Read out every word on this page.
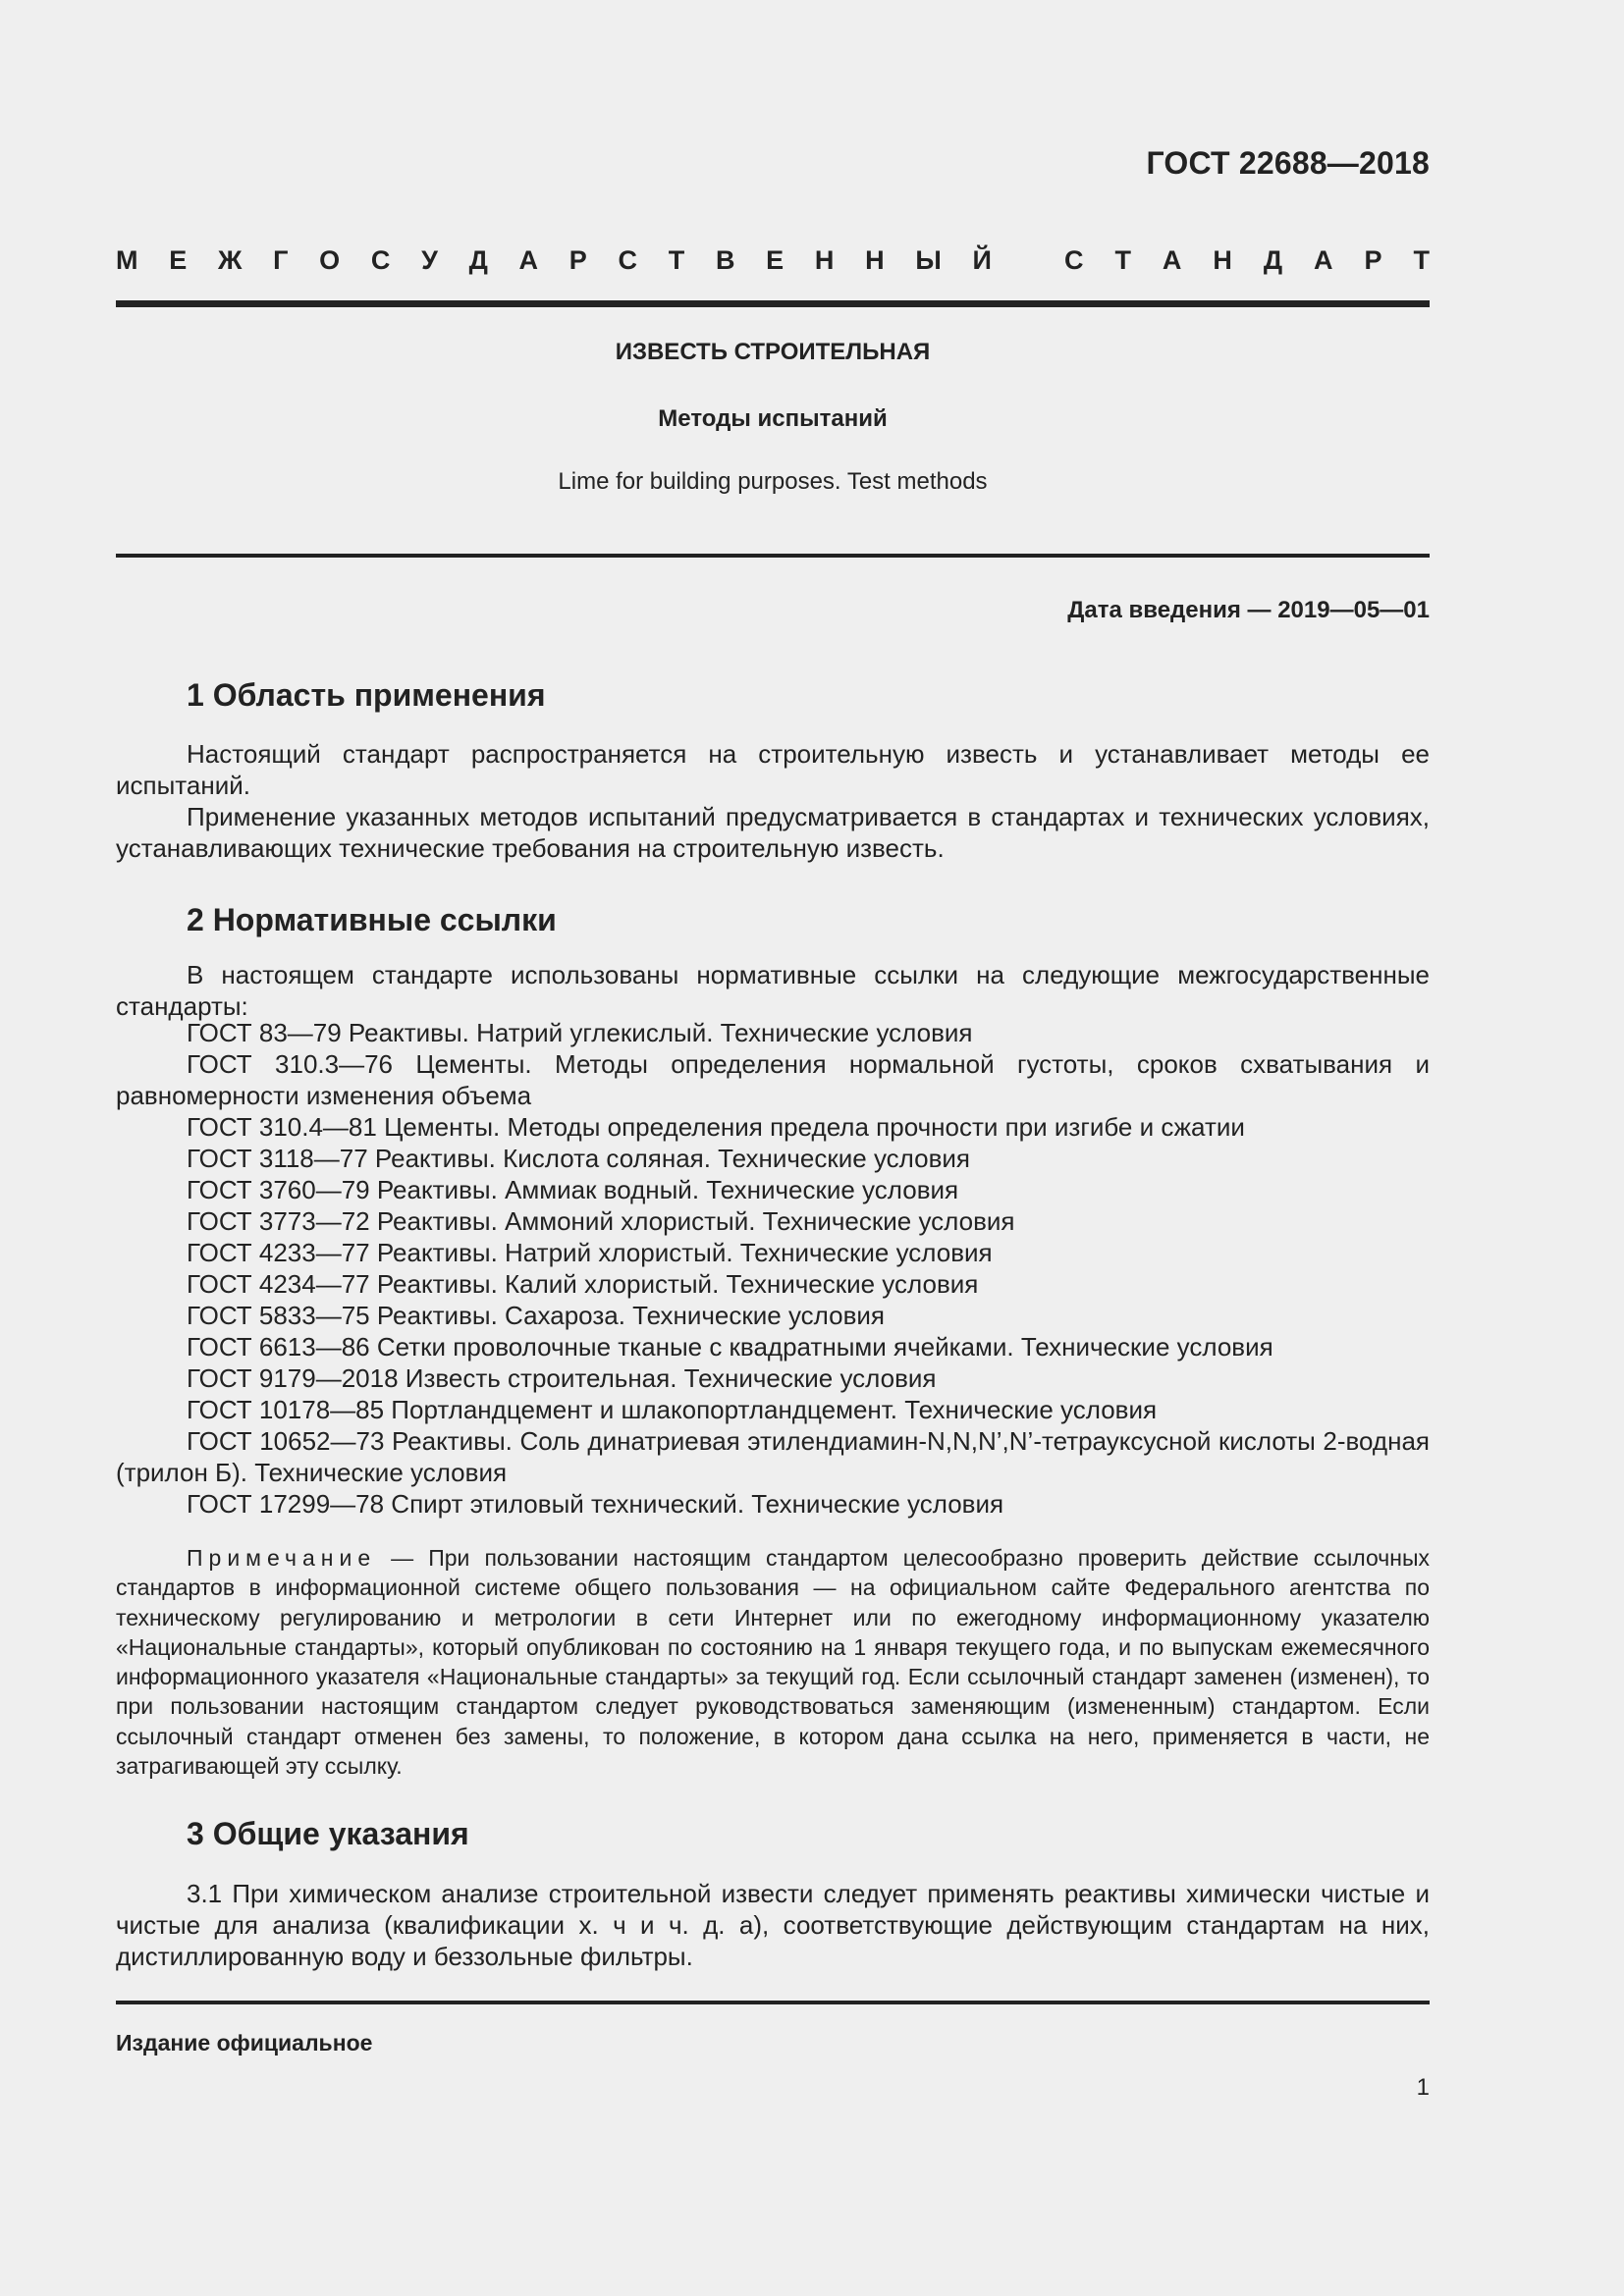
ГОСТ 22688—2018
М Е Ж Г О С У Д А Р С Т В Е Н Н Ы Й	С Т А Н Д А Р Т
ИЗВЕСТЬ СТРОИТЕЛЬНАЯ
Методы испытаний
Lime for building purposes. Test methods
Дата введения — 2019—05—01
1 Область применения

Настоящий стандарт распространяется на строительную известь и устанавливает методы ее испытаний.

Применение указанных методов испытаний предусматривается в стандартах и технических условиях, устанавливающих технические требования на строительную известь.

2 Нормативные ссылки

В настоящем стандарте использованы нормативные ссылки на следующие межгосударственные стандарты:

ГОСТ 83—79 Реактивы. Натрий углекислый. Технические условия
ГОСТ 310.3—76 Цементы. Методы определения нормальной густоты, сроков схватывания и равномерности изменения объема
ГОСТ 310.4—81 Цементы. Методы определения предела прочности при изгибе и сжатии
ГОСТ 3118—77 Реактивы. Кислота соляная. Технические условия
ГОСТ 3760—79 Реактивы. Аммиак водный. Технические условия
ГОСТ 3773—72 Реактивы. Аммоний хлористый. Технические условия
ГОСТ 4233—77 Реактивы. Натрий хлористый. Технические условия
ГОСТ 4234—77 Реактивы. Калий хлористый. Технические условия
ГОСТ 5833—75 Реактивы. Сахароза. Технические условия
ГОСТ 6613—86 Сетки проволочные тканые с квадратными ячейками. Технические условия
ГОСТ 9179—2018 Известь строительная. Технические условия
ГОСТ 10178—85 Портландцемент и шлакопортландцемент. Технические условия
ГОСТ 10652—73 Реактивы. Соль динатриевая этилендиамин-N,N,N’,N’-тетрауксусной кислоты 2-водная (трилон Б). Технические условия
ГОСТ 17299—78 Спирт этиловый технический. Технические условия
Примечание — При пользовании настоящим стандартом целесообразно проверить действие ссылочных стандартов в информационной системе общего пользования — на официальном сайте Федерального агентства по техническому регулированию и метрологии в сети Интернет или по ежегодному информационному указателю «Национальные стандарты», который опубликован по состоянию на 1 января текущего года, и по выпускам ежемесячного информационного указателя «Национальные стандарты» за текущий год. Если ссылочный стандарт заменен (изменен), то при пользовании настоящим стандартом следует руководствоваться заменяющим (измененным) стандартом. Если ссылочный стандарт отменен без замены, то положение, в котором дана ссылка на него, применяется в части, не затрагивающей эту ссылку.
3 Общие указания

3.1 При химическом анализе строительной извести следует применять реактивы химически чистые и чистые для анализа (квалификации х. ч и ч. д. а), соответствующие действующим стандартам на них, дистиллированную воду и беззольные фильтры.

Издание официальное
1
